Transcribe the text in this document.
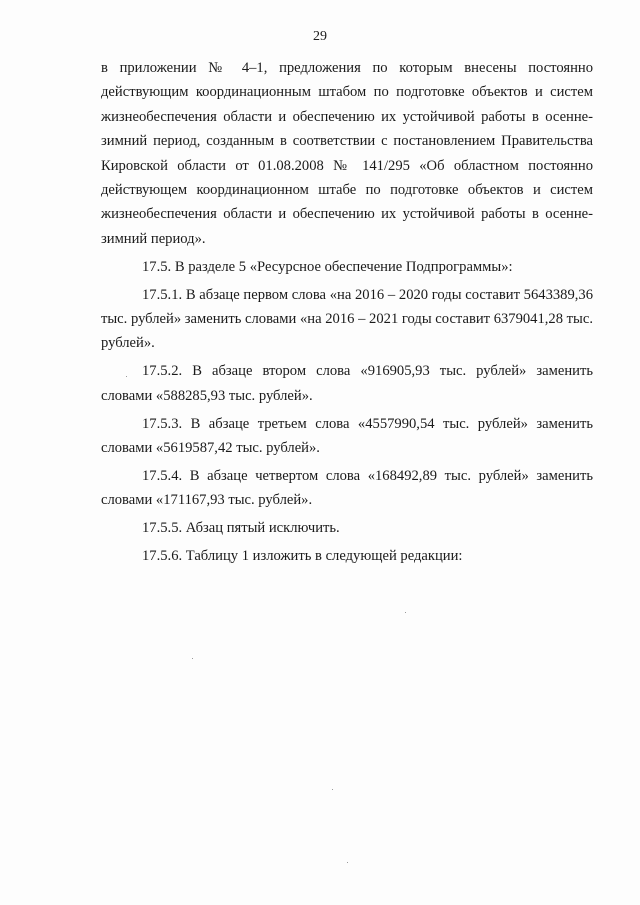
29

в приложении № 4–1, предложения по которым внесены постоянно действующим координационным штабом по подготовке объектов и систем жизнеобеспечения области и обеспечению их устойчивой работы в осенне-зимний период, созданным в соответствии с постановлением Правительства Кировской области от 01.08.2008 № 141/295 «Об областном постоянно действующем координационном штабе по подготовке объектов и систем жизнеобеспечения области и обеспечению их устойчивой работы в осенне-зимний период».

17.5. В разделе 5 «Ресурсное обеспечение Подпрограммы»:

17.5.1. В абзаце первом слова «на 2016 – 2020 годы составит 5643389,36 тыс. рублей» заменить словами «на 2016 – 2021 годы составит 6379041,28 тыс. рублей».

17.5.2. В абзаце втором слова «916905,93 тыс. рублей» заменить словами «588285,93 тыс. рублей».

17.5.3. В абзаце третьем слова «4557990,54 тыс. рублей» заменить словами «5619587,42 тыс. рублей».

17.5.4. В абзаце четвертом слова «168492,89 тыс. рублей» заменить словами «171167,93 тыс. рублей».

17.5.5. Абзац пятый исключить.

17.5.6. Таблицу 1 изложить в следующей редакции:
